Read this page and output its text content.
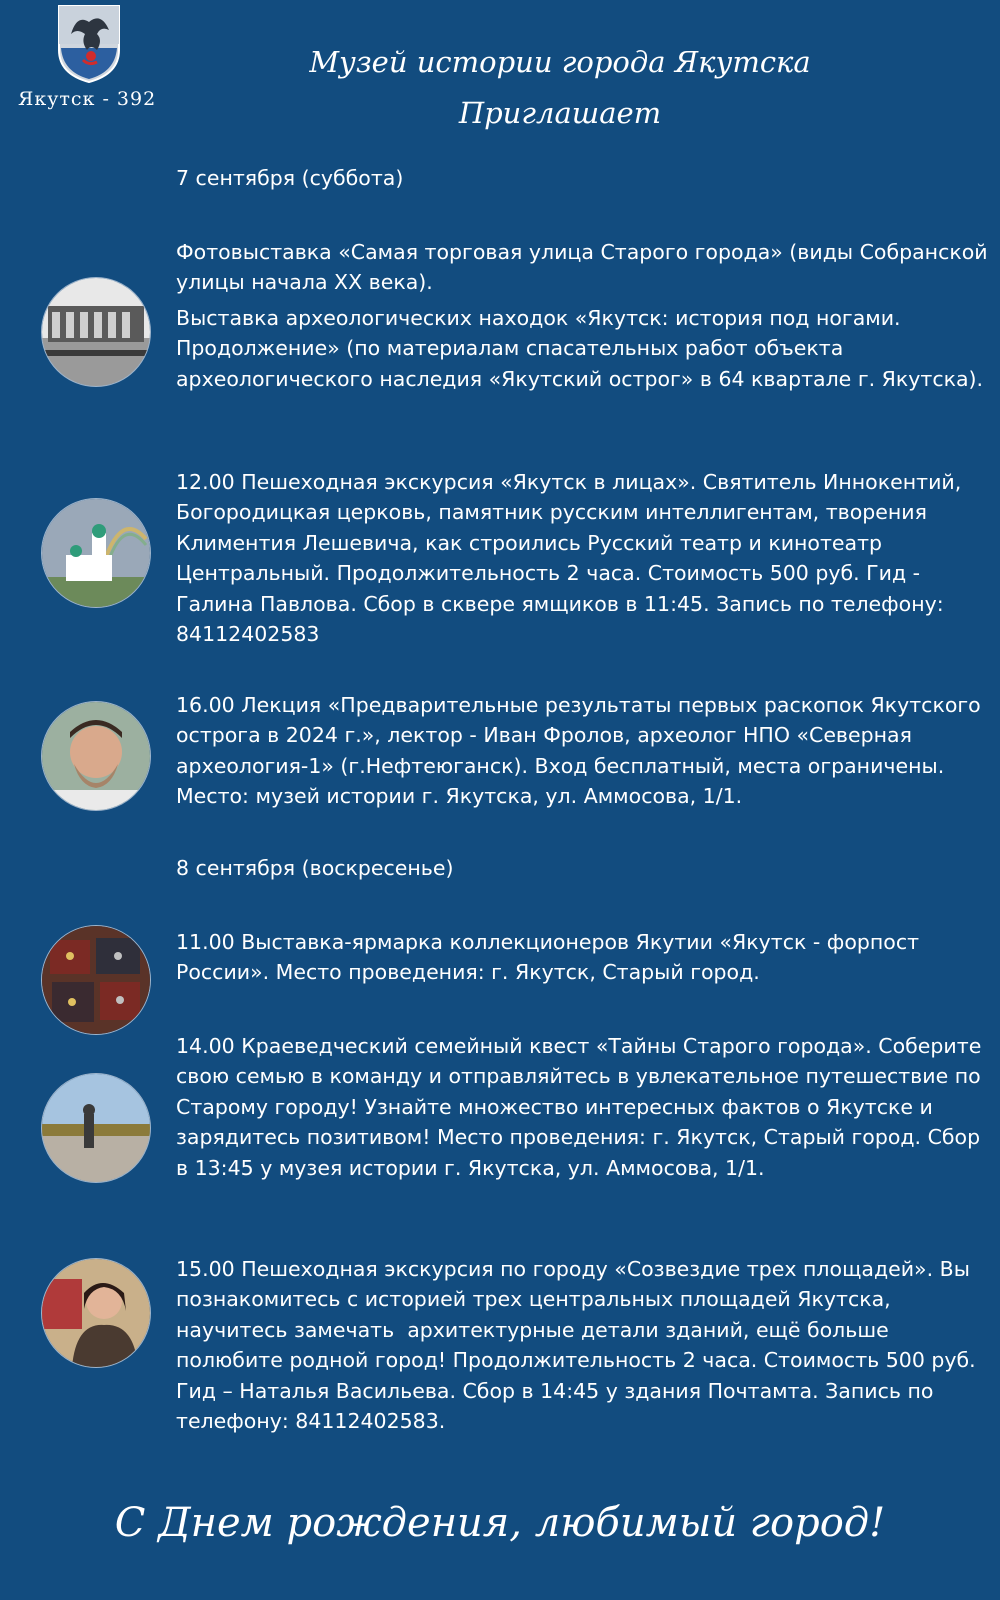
Якутск - 392
Музей истории города Якутска
Приглашает
7 сентября (суббота)
Фотовыставка «Самая торговая улица Старого города» (виды Собранской улицы начала XX века).
Выставка археологических находок «Якутск: история под ногами. Продолжение» (по материалам спасательных работ объекта археологического наследия «Якутский острог» в 64 квартале г. Якутска).
12.00 Пешеходная экскурсия «Якутск в лицах». Святитель Иннокентий, Богородицкая церковь, памятник русским интеллигентам, творения Климентия Лешевича, как строились Русский театр и кинотеатр Центральный. Продолжительность 2 часа. Стоимость 500 руб. Гид - Галина Павлова. Сбор в сквере ямщиков в 11:45. Запись по телефону: 84112402583
16.00 Лекция «Предварительные результаты первых раскопок Якутского острога в 2024 г.», лектор - Иван Фролов, археолог НПО «Северная археология-1» (г.Нефтеюганск). Вход бесплатный, места ограничены. Место: музей истории г. Якутска, ул. Аммосова, 1/1.
8 сентября (воскресенье)
11.00 Выставка-ярмарка коллекционеров Якутии «Якутск - форпост России». Место проведения: г. Якутск, Старый город.
14.00 Краеведческий семейный квест «Тайны Старого города». Соберите свою семью в команду и отправляйтесь в увлекательное путешествие по Старому городу! Узнайте множество интересных фактов о Якутске и зарядитесь позитивом! Место проведения: г. Якутск, Старый город. Сбор в 13:45 у музея истории г. Якутска, ул. Аммосова, 1/1.
15.00 Пешеходная экскурсия по городу «Созвездие трех площадей». Вы познакомитесь с историей трех центральных площадей Якутска, научитесь замечать  архитектурные детали зданий, ещё больше полюбите родной город! Продолжительность 2 часа. Стоимость 500 руб. Гид – Наталья Васильева. Сбор в 14:45 у здания Почтамта. Запись по телефону: 84112402583.
С Днем рождения, любимый город!
